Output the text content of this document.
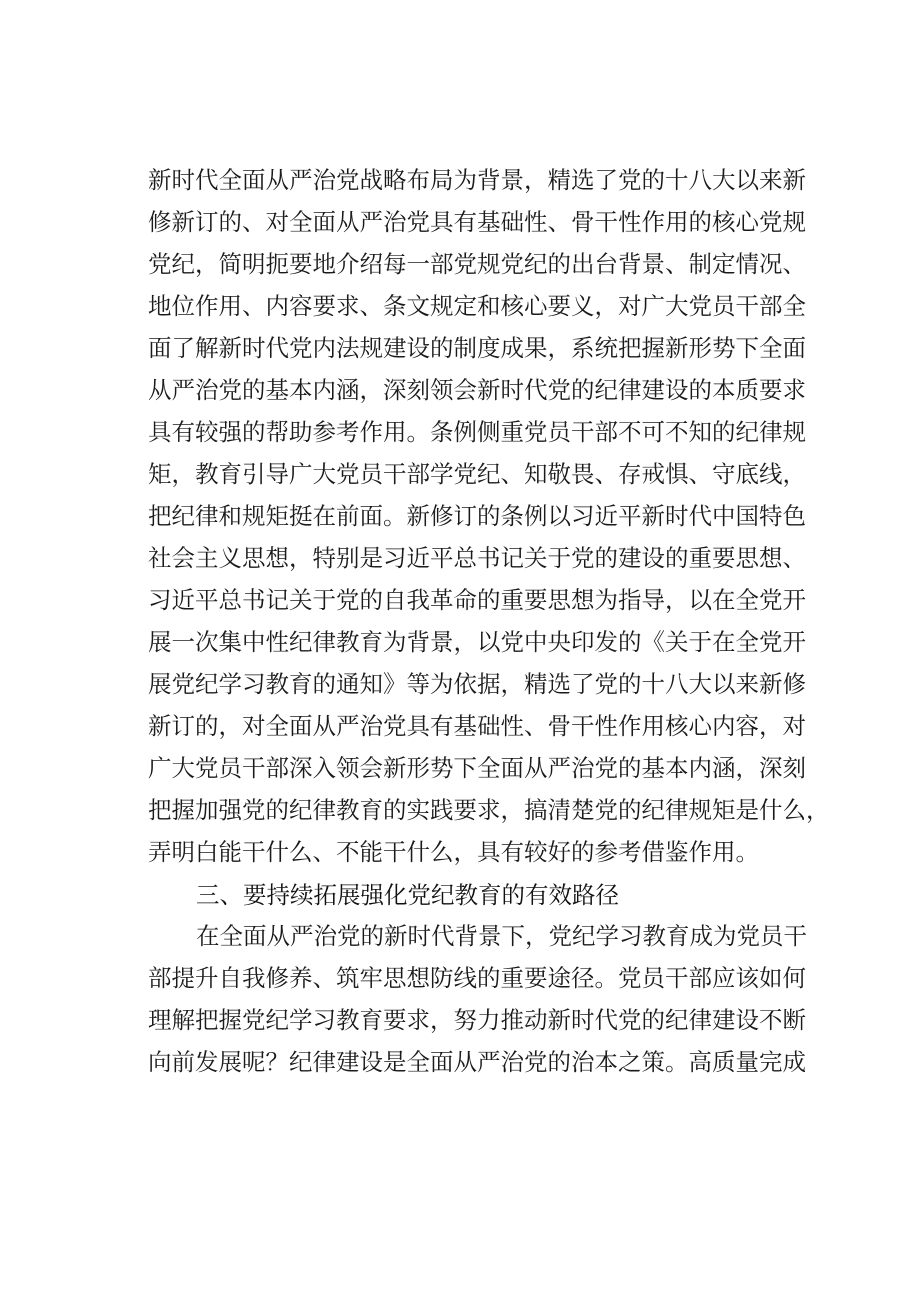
新时代全面从严治党战略布局为背景，精选了党的十八大以来新
修新订的、对全面从严治党具有基础性、骨干性作用的核心党规
党纪，简明扼要地介绍每一部党规党纪的出台背景、制定情况、
地位作用、内容要求、条文规定和核心要义，对广大党员干部全
面了解新时代党内法规建设的制度成果，系统把握新形势下全面
从严治党的基本内涵，深刻领会新时代党的纪律建设的本质要求
具有较强的帮助参考作用。条例侧重党员干部不可不知的纪律规
矩，教育引导广大党员干部学党纪、知敬畏、存戒惧、守底线，
把纪律和规矩挺在前面。新修订的条例以习近平新时代中国特色
社会主义思想，特别是习近平总书记关于党的建设的重要思想、
习近平总书记关于党的自我革命的重要思想为指导，以在全党开
展一次集中性纪律教育为背景，以党中央印发的《关于在全党开
展党纪学习教育的通知》等为依据，精选了党的十八大以来新修
新订的，对全面从严治党具有基础性、骨干性作用核心内容，对
广大党员干部深入领会新形势下全面从严治党的基本内涵，深刻
把握加强党的纪律教育的实践要求，搞清楚党的纪律规矩是什么，
弄明白能干什么、不能干什么，具有较好的参考借鉴作用。
三、要持续拓展强化党纪教育的有效路径
在全面从严治党的新时代背景下，党纪学习教育成为党员干
部提升自我修养、筑牢思想防线的重要途径。党员干部应该如何
理解把握党纪学习教育要求，努力推动新时代党的纪律建设不断
向前发展呢？纪律建设是全面从严治党的治本之策。高质量完成
